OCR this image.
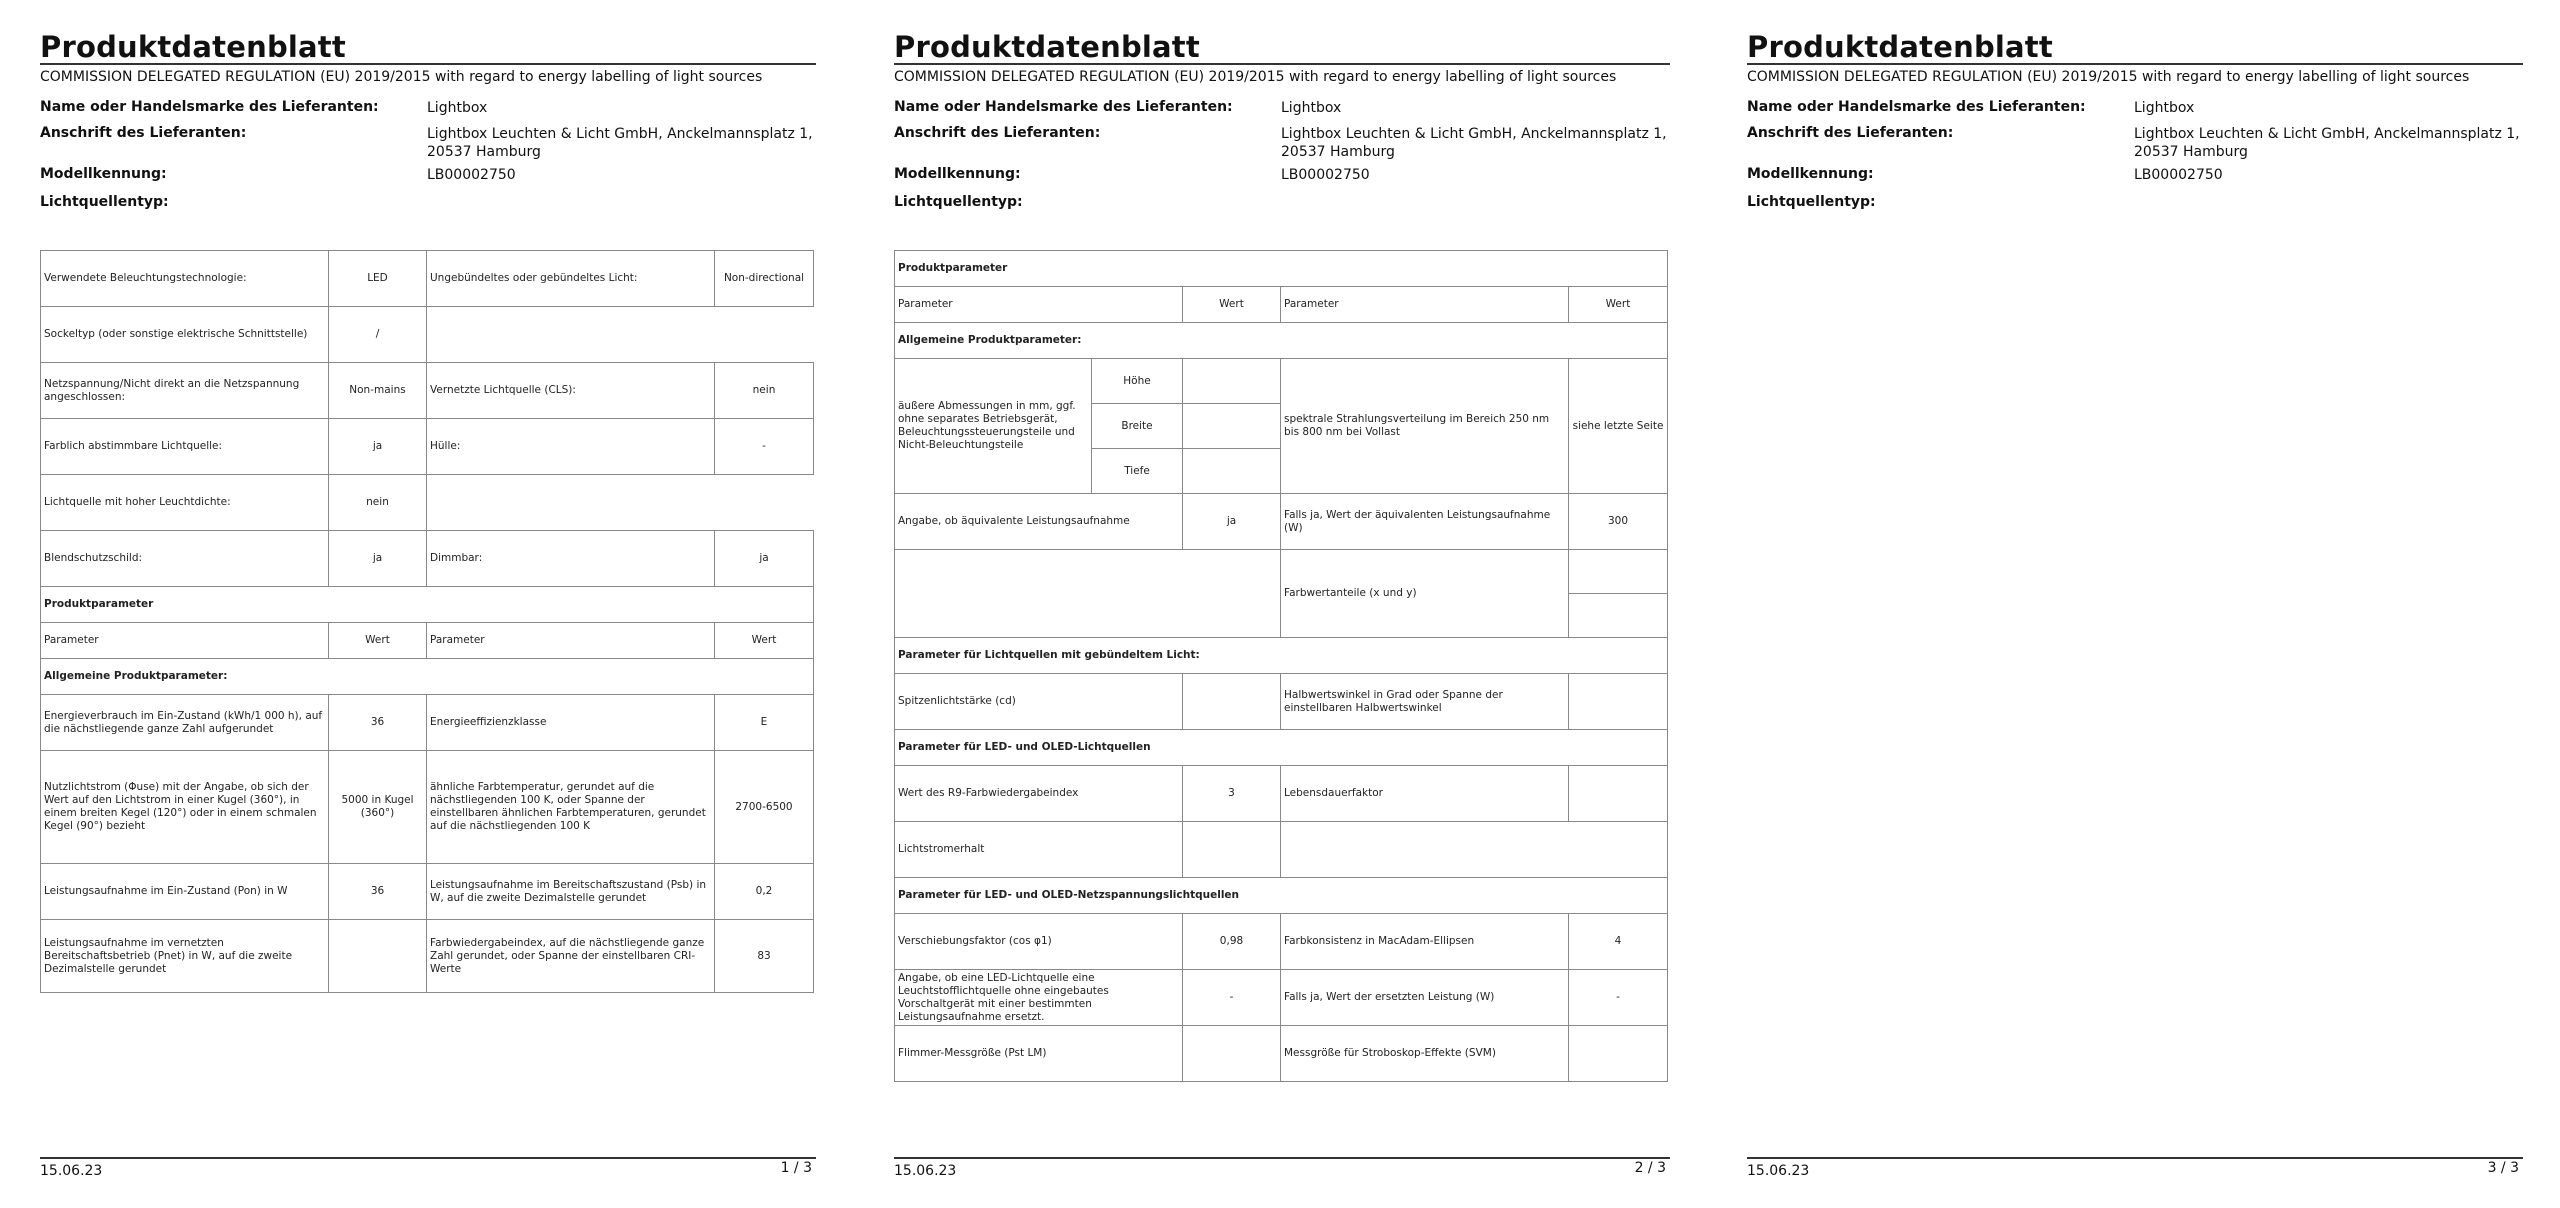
Produktdatenblatt
COMMISSION DELEGATED REGULATION (EU) 2019/2015 with regard to energy labelling of light sources
Name oder Handelsmarke des Lieferanten:	Lightbox
Anschrift des Lieferanten:	Lightbox Leuchten & Licht GmbH, Anckelmannsplatz 1,
20537 Hamburg
Modellkennung:	LB00002750
Lichtquellentyp:
Verwendete Beleuchtungstechnologie:	LED	Ungebündeltes oder gebündeltes Licht:	Non-directional
Sockeltyp (oder sonstige elektrische Schnittstelle)	/		
Netzspannung/Nicht direkt an die Netzspannung angeschlossen:	Non-mains	Vernetzte Lichtquelle (CLS):	nein
Farblich abstimmbare Lichtquelle:	ja	Hülle:	-
Lichtquelle mit hoher Leuchtdichte:	nein		
Blendschutzschild:	ja	Dimmbar:	ja
Produktparameter			
Parameter	Wert	Parameter	Wert
Allgemeine Produktparameter:			
Energieverbrauch im Ein-Zustand (kWh/1 000 h), auf die nächstliegende ganze Zahl aufgerundet	36	Energieeffizienzklasse	E
Nutzlichtstrom (Φuse) mit der Angabe, ob sich der Wert auf den Lichtstrom in einer Kugel (360°), in einem breiten Kegel (120°) oder in einem schmalen Kegel (90°) bezieht	5000 in Kugel (360°)	ähnliche Farbtemperatur, gerundet auf die nächstliegenden 100 K, oder Spanne der einstellbaren ähnlichen Farbtemperaturen, gerundet auf die nächstliegenden 100 K	2700-6500
Leistungsaufnahme im Ein-Zustand (Pon) in W	36	Leistungsaufnahme im Bereitschaftszustand (Psb) in W, auf die zweite Dezimalstelle gerundet	0,2
Leistungsaufnahme im vernetzten Bereitschaftsbetrieb (Pnet) in W, auf die zweite Dezimalstelle gerundet		Farbwiedergabeindex, auf die nächstliegende ganze Zahl gerundet, oder Spanne der einstellbaren CRI-Werte	83
15.06.23	1 / 3
Produktdatenblatt
COMMISSION DELEGATED REGULATION (EU) 2019/2015 with regard to energy labelling of light sources
Name oder Handelsmarke des Lieferanten:	Lightbox
Anschrift des Lieferanten:	Lightbox Leuchten & Licht GmbH, Anckelmannsplatz 1,
20537 Hamburg
Modellkennung:	LB00002750
Lichtquellentyp:
Produktparameter				
Parameter		Wert	Parameter	Wert
Allgemeine Produktparameter:				
äußere Abmessungen in mm, ggf. ohne separates Betriebsgerät, Beleuchtungssteuerungsteile und Nicht-Beleuchtungsteile	Höhe		spektrale Strahlungsverteilung im Bereich 250 nm bis 800 nm bei Vollast	siehe letzte Seite
	Breite			
	Tiefe			
Angabe, ob äquivalente Leistungsaufnahme		ja	Falls ja, Wert der äquivalenten Leistungsaufnahme (W)	300
			Farbwertanteile (x und y)	

Parameter für Lichtquellen mit gebündeltem Licht:				
Spitzenlichtstärke (cd)			Halbwertswinkel in Grad oder Spanne der einstellbaren Halbwertswinkel	
Parameter für LED- und OLED-Lichtquellen				
Wert des R9-Farbwiedergabeindex		3	Lebensdauerfaktor	
Lichtstromerhalt				
Parameter für LED- und OLED-Netzspannungslichtquellen				
Verschiebungsfaktor (cos φ1)		0,98	Farbkonsistenz in MacAdam-Ellipsen	4
Angabe, ob eine LED-Lichtquelle eine Leuchtstofflichtquelle ohne eingebautes Vorschaltgerät mit einer bestimmten Leistungsaufnahme ersetzt.		-	Falls ja, Wert der ersetzten Leistung (W)	-
Flimmer-Messgröße (Pst LM)			Messgröße für Stroboskop-Effekte (SVM)	
15.06.23	2 / 3
Produktdatenblatt
COMMISSION DELEGATED REGULATION (EU) 2019/2015 with regard to energy labelling of light sources
Name oder Handelsmarke des Lieferanten:	Lightbox
Anschrift des Lieferanten:	Lightbox Leuchten & Licht GmbH, Anckelmannsplatz 1,
20537 Hamburg
Modellkennung:	LB00002750
Lichtquellentyp:
15.06.23	3 / 3
